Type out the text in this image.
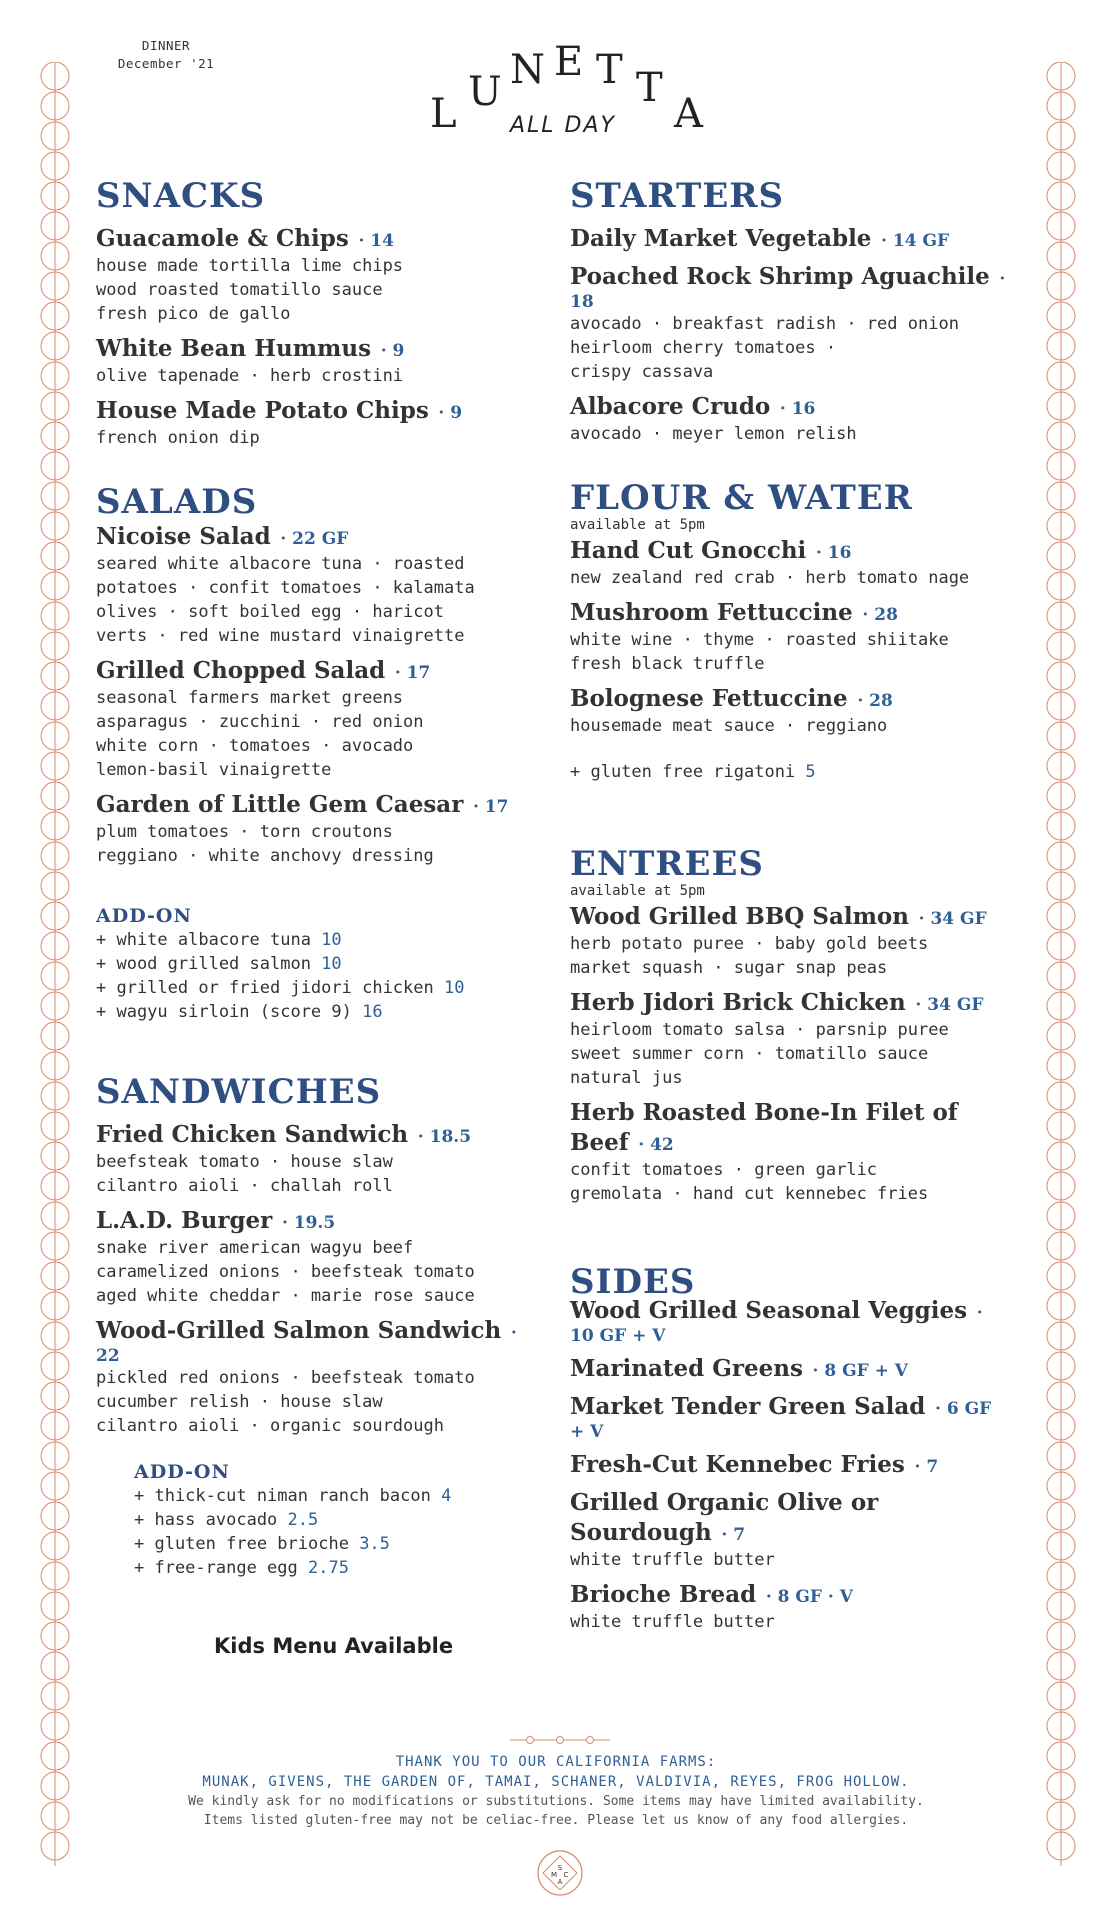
DINNER
December '21
L U N E T T
A
ALL DAY
SNACKS
Guacamole & Chips · 14
house made tortilla lime chips
wood roasted tomatillo sauce
fresh pico de gallo
White Bean Hummus · 9
olive tapenade · herb crostini
House Made Potato Chips · 9
french onion dip
SALADS
Nicoise Salad · 22 GF
seared white albacore tuna · roasted
potatoes · confit tomatoes · kalamata
olives · soft boiled egg · haricot
verts · red wine mustard vinaigrette
Grilled Chopped Salad · 17
seasonal farmers market greens
asparagus · zucchini · red onion
white corn · tomatoes · avocado
lemon-basil vinaigrette
Garden of Little Gem Caesar · 17
plum tomatoes · torn croutons
reggiano · white anchovy dressing
ADD-ON
+ white albacore tuna 10
+ wood grilled salmon 10
+ grilled or fried jidori chicken 10
+ wagyu sirloin (score 9) 16
SANDWICHES
Fried Chicken Sandwich · 18.5
beefsteak tomato · house slaw
cilantro aioli · challah roll
L.A.D. Burger · 19.5
snake river american wagyu beef
caramelized onions · beefsteak tomato
aged white cheddar · marie rose sauce
Wood-Grilled Salmon Sandwich · 22
pickled red onions · beefsteak tomato
cucumber relish · house slaw
cilantro aioli · organic sourdough
ADD-ON
+ thick-cut niman ranch bacon 4
+ hass avocado 2.5
+ gluten free brioche 3.5
+ free-range egg 2.75
Kids Menu Available
STARTERS
Daily Market Vegetable · 14 GF
Poached Rock Shrimp Aguachile · 18
avocado · breakfast radish · red onion
heirloom cherry tomatoes ·
crispy cassava
Albacore Crudo · 16
avocado · meyer lemon relish
FLOUR & WATER
available at 5pm
Hand Cut Gnocchi · 16
new zealand red crab · herb tomato nage
Mushroom Fettuccine · 28
white wine · thyme · roasted shiitake
fresh black truffle
Bolognese Fettuccine · 28
housemade meat sauce · reggiano
+ gluten free rigatoni 5
ENTREES
available at 5pm
Wood Grilled BBQ Salmon · 34 GF
herb potato puree · baby gold beets
market squash · sugar snap peas
Herb Jidori Brick Chicken · 34 GF
heirloom tomato salsa · parsnip puree
sweet summer corn · tomatillo sauce
natural jus
Herb Roasted Bone-In Filet of Beef · 42
confit tomatoes · green garlic
gremolata · hand cut kennebec fries
SIDES
Wood Grilled Seasonal Veggies · 10 GF + V
Marinated Greens · 8 GF + V
Market Tender Green Salad · 6 GF + V
Fresh-Cut Kennebec Fries · 7
Grilled Organic Olive or Sourdough · 7
white truffle butter
Brioche Bread · 8 GF · V
white truffle butter
THANK YOU TO OUR CALIFORNIA FARMS:
MUNAK, GIVENS, THE GARDEN OF, TAMAI, SCHANER, VALDIVIA, REYES, FROG HOLLOW.
We kindly ask for no modifications or substitutions. Some items may have limited availability.
Items listed gluten-free may not be celiac-free. Please let us know of any food allergies.
S
M C
A
